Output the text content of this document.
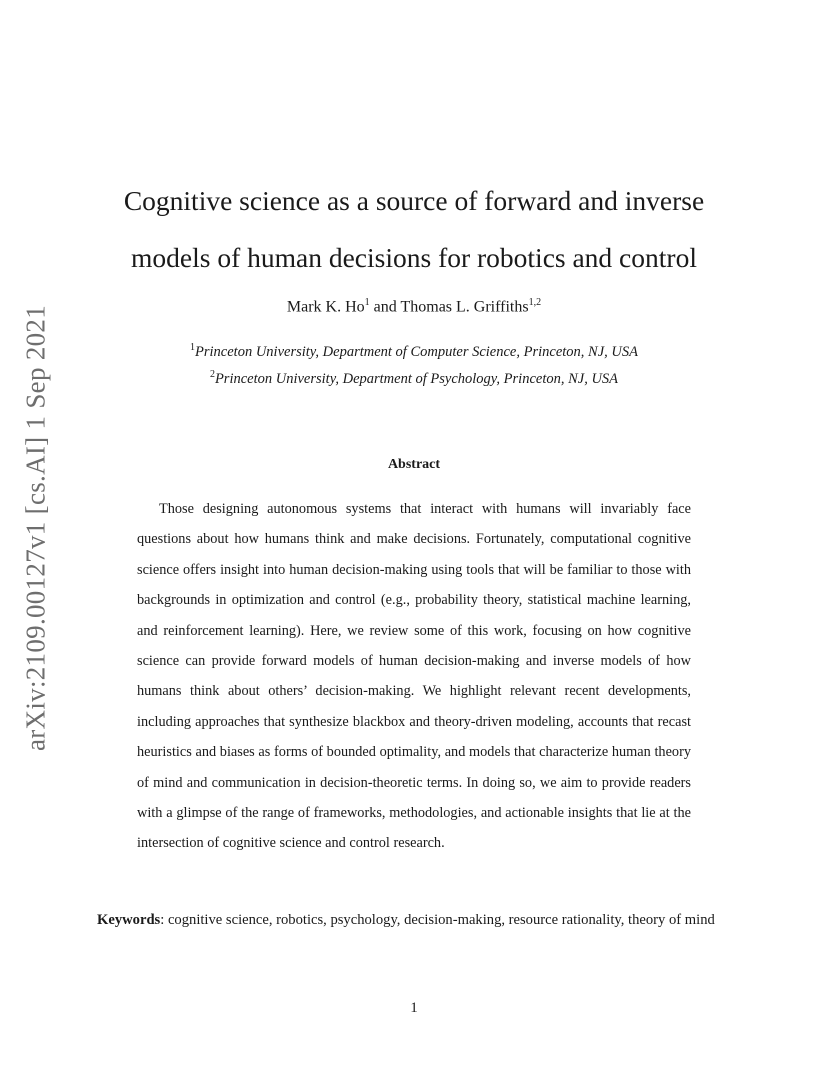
arXiv:2109.00127v1 [cs.AI] 1 Sep 2021
Cognitive science as a source of forward and inverse
models of human decisions for robotics and control
Mark K. Ho$^1$ and Thomas L. Griffiths$^{1,2}$
$^1$Princeton University, Department of Computer Science, Princeton, NJ, USA
$^2$Princeton University, Department of Psychology, Princeton, NJ, USA
Abstract

Those designing autonomous systems that interact with humans will invariably face questions about how humans think and make decisions. Fortunately, computational cognitive science offers insight into human decision-making using tools that will be familiar to those with backgrounds in optimization and control (e.g., probability theory, statistical machine learning, and reinforcement learning). Here, we review some of this work, focusing on how cognitive science can provide forward models of human decision-making and inverse models of how humans think about others’ decision-making. We highlight relevant recent developments, including approaches that synthesize blackbox and theory-driven modeling, accounts that recast heuristics and biases as forms of bounded optimality, and models that characterize human theory of mind and communication in decision-theoretic terms. In doing so, we aim to provide readers with a glimpse of the range of frameworks, methodologies, and actionable insights that lie at the intersection of cognitive science and control research.

Keywords: cognitive science, robotics, psychology, decision-making, resource rationality, theory of mind

1
